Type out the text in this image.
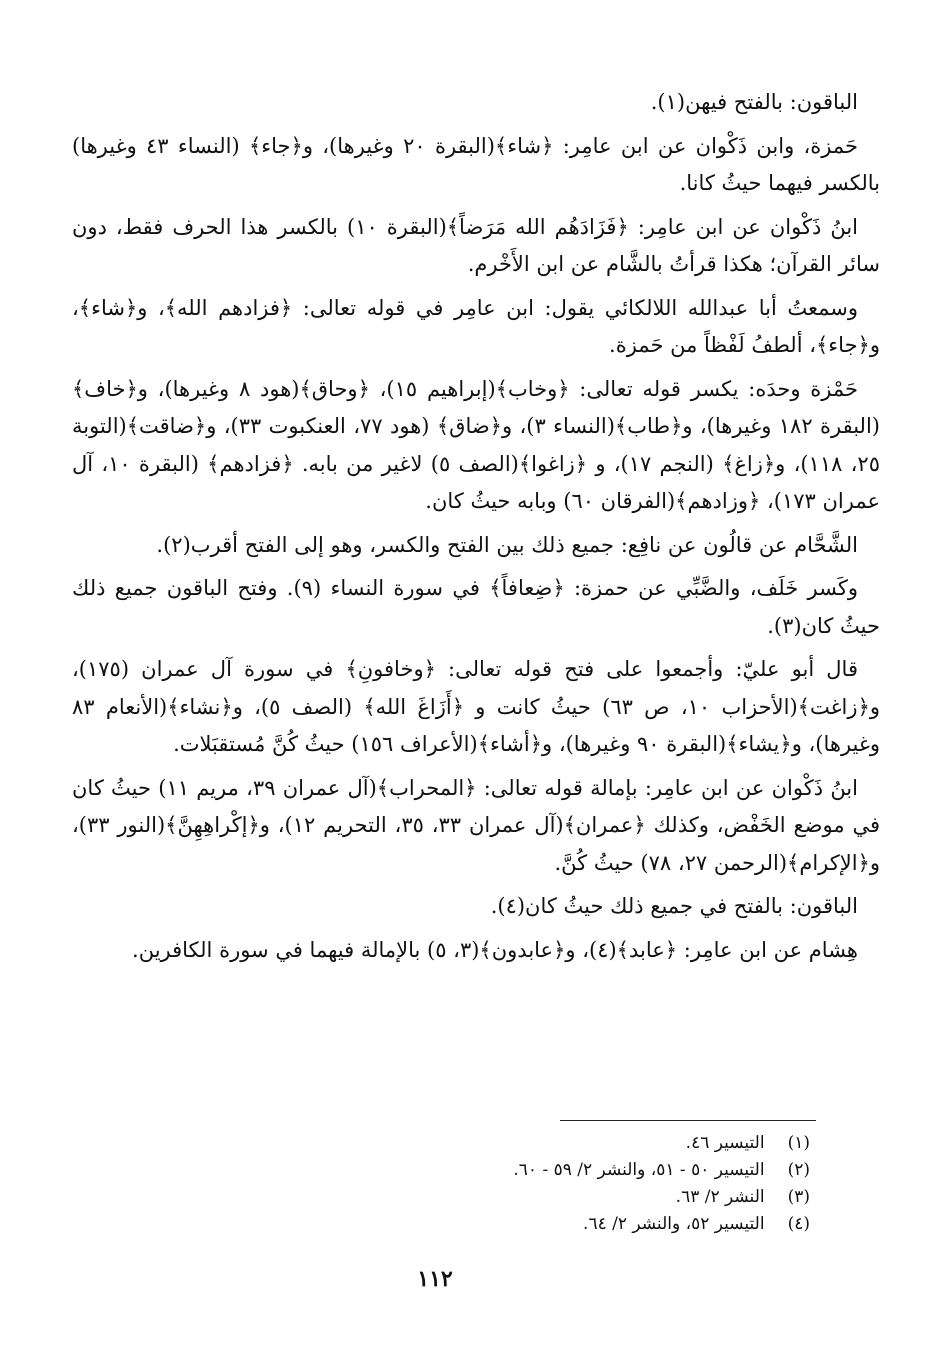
الباقون: بالفتح فيهن(١).

حَمزة، وابن ذَكْوان عن ابن عامِر: ﴿شاء﴾(البقرة ٢٠ وغيرها)، و﴿جاء﴾ (النساء ٤٣ وغيرها) بالكسر فيهما حيثُ كانا.

ابنُ ذَكْوان عن ابن عامِر: ﴿فَزَادَهُم الله مَرَضاً﴾(البقرة ١٠) بالكسر هذا الحرف فقط، دون سائر القرآن؛ هكذا قرأتُ بالشَّام عن ابن الأَخْرم.

وسمعتُ أبا عبدالله اللالكائي يقول: ابن عامِر في قوله تعالى: ﴿فزادهم الله﴾، و﴿شاء﴾، و﴿جاء﴾، ألطفُ لَفْظاً من حَمزة.

حَمْزة وحدَه: يكسر قوله تعالى: ﴿وخاب﴾(إبراهيم ١٥)، ﴿وحاق﴾(هود ٨ وغيرها)، و﴿خاف﴾(البقرة ١٨٢ وغيرها)، و﴿طاب﴾(النساء ٣)، و﴿ضاق﴾ (هود ٧٧، العنكبوت ٣٣)، و﴿ضاقت﴾(التوبة ٢٥، ١١٨)، و﴿زاغ﴾ (النجم ١٧)، و ﴿زاغوا﴾(الصف ٥) لاغير من بابه. ﴿فزادهم﴾ (البقرة ١٠، آل عمران ١٧٣)، ﴿وزادهم﴾(الفرقان ٦٠) وبابه حيثُ كان.

الشَّحَّام عن قالُون عن نافِع: جميع ذلك بين الفتح والكسر، وهو إلى الفتح أقرب(٢).

وكَسر خَلَف، والضَّبِّي عن حمزة: ﴿ضِعافاً﴾ في سورة النساء (٩). وفتح الباقون جميع ذلك حيثُ كان(٣).

قال أبو عليّ: وأجمعوا على فتح قوله تعالى: ﴿وخافونِ﴾ في سورة آل عمران (١٧٥)، و﴿زاغت﴾(الأحزاب ١٠، ص ٦٣) حيثُ كانت و ﴿أَزَاغَ الله﴾ (الصف ٥)، و﴿نشاء﴾(الأنعام ٨٣ وغيرها)، و﴿يشاء﴾(البقرة ٩٠ وغيرها)، و﴿أشاء﴾(الأعراف ١٥٦) حيثُ كُنَّ مُستقبَلات.

ابنُ ذَكْوان عن ابن عامِر: بإمالة قوله تعالى: ﴿المحراب﴾(آل عمران ٣٩، مريم ١١) حيثُ كان في موضع الخَفْض، وكذلك ﴿عمران﴾(آل عمران ٣٣، ٣٥، التحريم ١٢)، و﴿إكْراهِهِنَّ﴾(النور ٣٣)، و﴿الإكرام﴾(الرحمن ٢٧، ٧٨) حيثُ كُنَّ.

الباقون: بالفتح في جميع ذلك حيثُ كان(٤).

هِشام عن ابن عامِر: ﴿عابد﴾(٤)، و﴿عابدون﴾(٣، ٥) بالإمالة فيهما في سورة الكافرين.

(١) التيسير ٤٦.

(٢) التيسير ٥٠ - ٥١، والنشر ٢/ ٥٩ - ٦٠.

(٣) النشر ٢/ ٦٣.

(٤) التيسير ٥٢، والنشر ٢/ ٦٤.

١١٢
